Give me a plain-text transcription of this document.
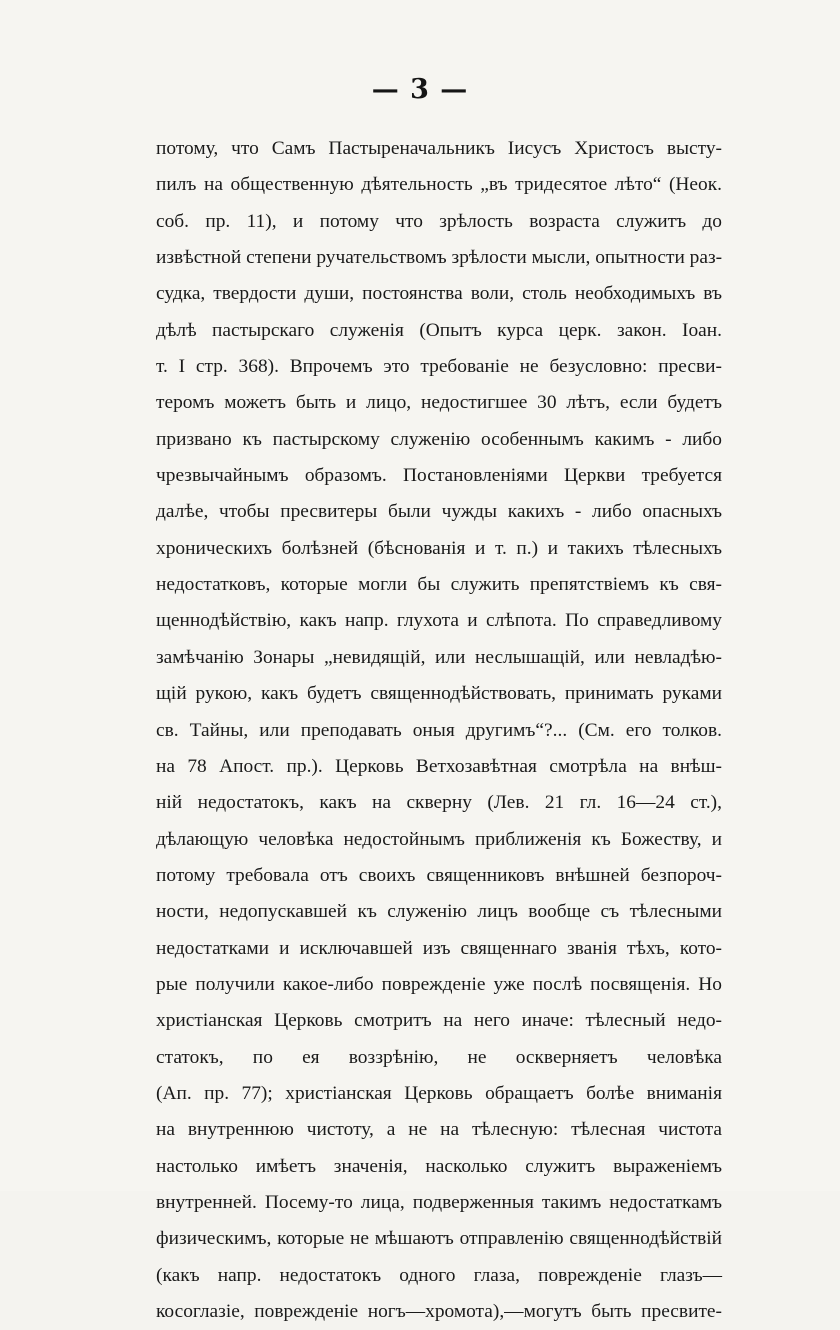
— 3 —
потому, что Самъ Пастыреначальникъ Іисусъ Христосъ высту-
пилъ на общественную дѣятельность „въ тридесятое лѣто“ (Неок.
соб. пр. 11), и потому что зрѣлость возраста служитъ до
извѣстной степени ручательствомъ зрѣлости мысли, опытности раз-
судка, твердости души, постоянства воли, столь необходимыхъ въ
дѣлѣ пастырскаго служенія (Опытъ курса церк. закон. Іоан.
т. I стр. 368). Впрочемъ это требованіе не безусловно: пресви-
теромъ можетъ быть и лицо, недостигшее 30 лѣтъ, если будетъ
призвано къ пастырскому служенію особеннымъ какимъ - либо
чрезвычайнымъ образомъ. Постановленіями Церкви требуется
далѣе, чтобы пресвитеры были чужды какихъ - либо опасныхъ
хроническихъ болѣзней (бѣснованія и т. п.) и такихъ тѣлесныхъ
недостатковъ, которые могли бы служить препятствіемъ къ свя-
щеннодѣйствію, какъ напр. глухота и слѣпота. По справедливому
замѣчанію Зонары „невидящій, или неслышащій, или невладѣю-
щій рукою, какъ будетъ священнодѣйствовать, принимать руками
св. Тайны, или преподавать оныя другимъ“?... (См. его толков.
на 78 Апост. пр.). Церковь Ветхозавѣтная смотрѣла на внѣш-
ній недостатокъ, какъ на скверну (Лев. 21 гл. 16—24 ст.),
дѣлающую человѣка недостойнымъ приближенія къ Божеству, и
потому требовала отъ своихъ священниковъ внѣшней безпороч-
ности, недопускавшей къ служенію лицъ вообще съ тѣлесными
недостатками и исключавшей изъ священнаго званія тѣхъ, кото-
рые получили какое-либо поврежденіе уже послѣ посвященія. Но
христіанская Церковь смотритъ на него иначе: тѣлесный недо-
статокъ, по ея воззрѣнію, не оскверняетъ человѣка
(Ап. пр. 77); христіанская Церковь обращаетъ болѣе вниманія
на внутреннюю чистоту, а не на тѣлесную: тѣлесная чистота
настолько имѣетъ значенія, насколько служитъ выраженіемъ
внутренней. Посему-то лица, подверженныя такимъ недостаткамъ
физическимъ, которые не мѣшаютъ отправленію священнодѣйствій
(какъ напр. недостатокъ одного глаза, поврежденіе глазъ—
косоглазіе, поврежденіе ногъ—хромота),—могутъ быть пресвите-
